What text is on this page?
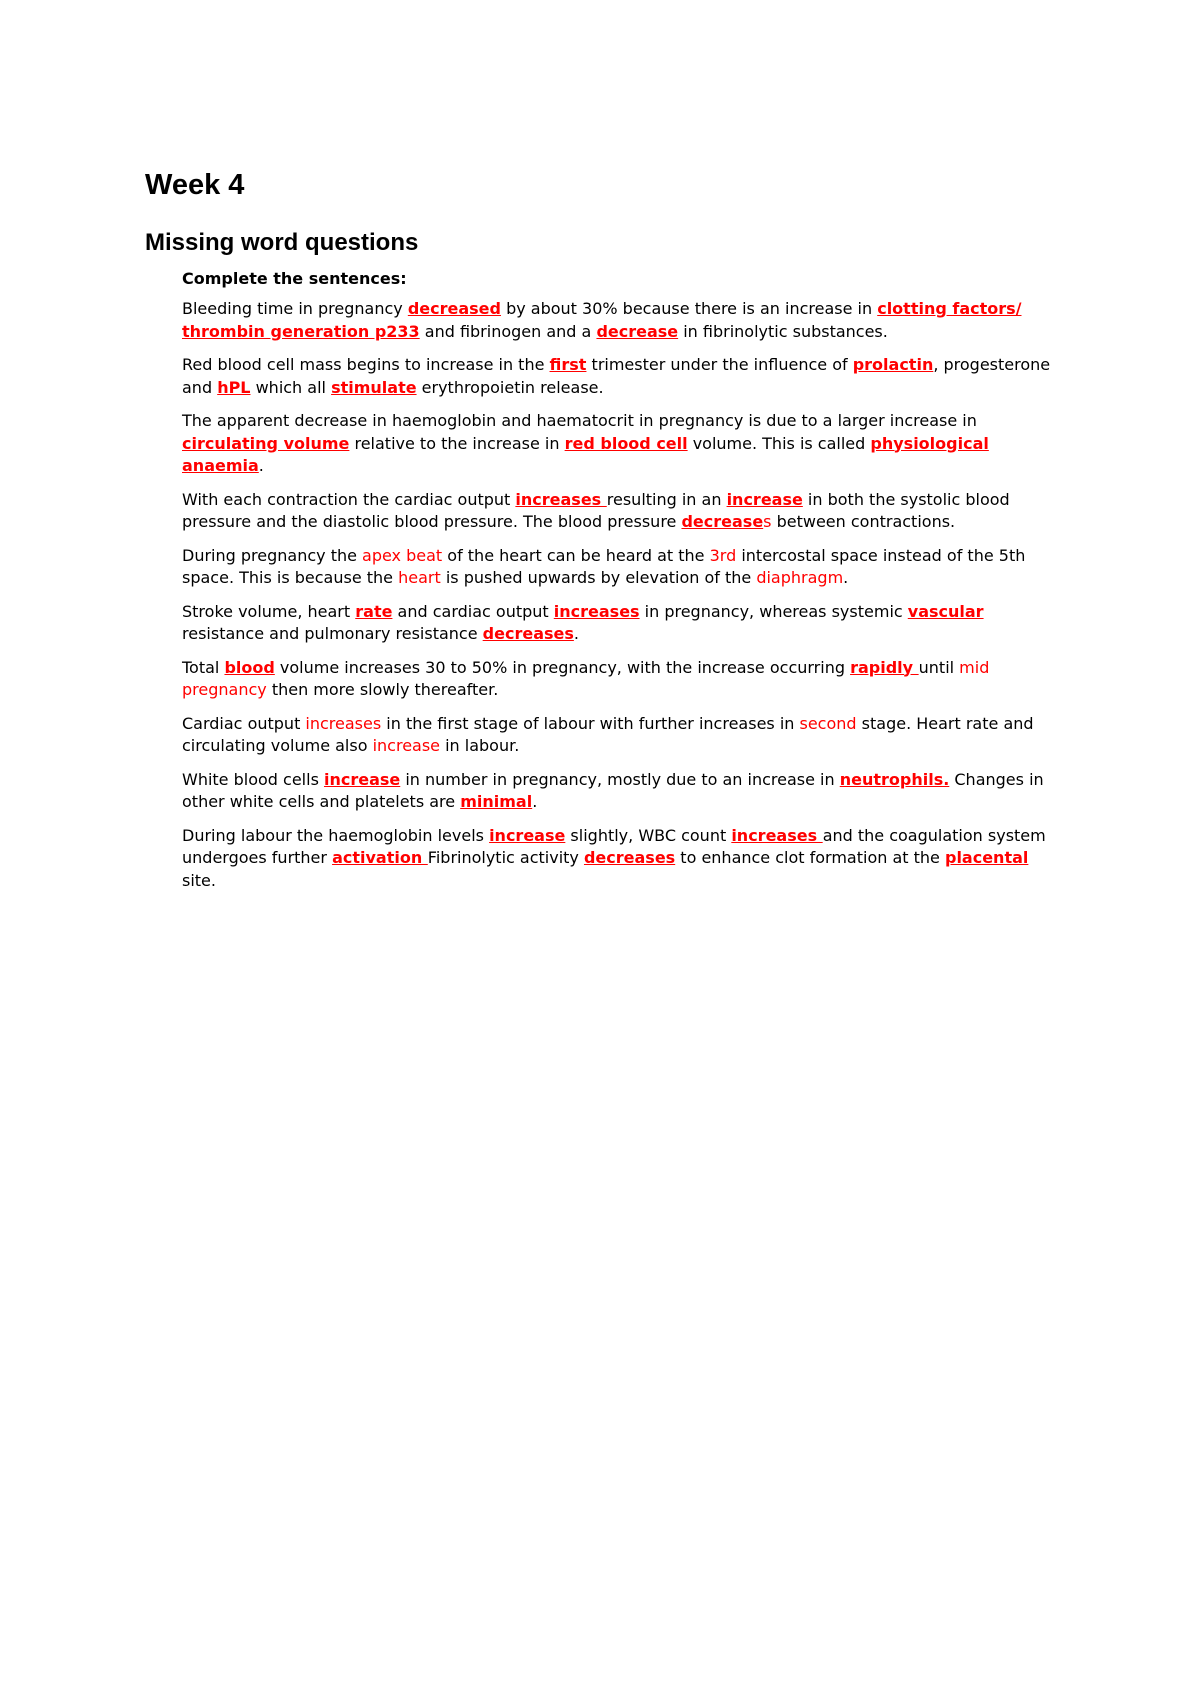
Week 4
Missing word questions
Complete the sentences:

Bleeding time in pregnancy decreased by about 30% because there is an increase in clotting factors/ thrombin generation p233 and fibrinogen and a decrease in fibrinolytic substances.

Red blood cell mass begins to increase in the first trimester under the influence of prolactin, progesterone and hPL which all stimulate erythropoietin release.

The apparent decrease in haemoglobin and haematocrit in pregnancy is due to a larger increase in circulating volume relative to the increase in red blood cell volume. This is called physiological anaemia.

With each contraction the cardiac output increases resulting in an increase in both the systolic blood pressure and the diastolic blood pressure. The blood pressure decreases between contractions.

During pregnancy the apex beat of the heart can be heard at the 3rd intercostal space instead of the 5th space. This is because the heart is pushed upwards by elevation of the diaphragm.

Stroke volume, heart rate and cardiac output increases in pregnancy, whereas systemic vascular resistance and pulmonary resistance decreases.

Total blood volume increases 30 to 50% in pregnancy, with the increase occurring rapidly until mid pregnancy then more slowly thereafter.

Cardiac output increases in the first stage of labour with further increases in second stage. Heart rate and circulating volume also increase in labour.

White blood cells increase in number in pregnancy, mostly due to an increase in neutrophils. Changes in other white cells and platelets are minimal.

During labour the haemoglobin levels increase slightly, WBC count increases and the coagulation system undergoes further activation Fibrinolytic activity decreases to enhance clot formation at the placental site.
